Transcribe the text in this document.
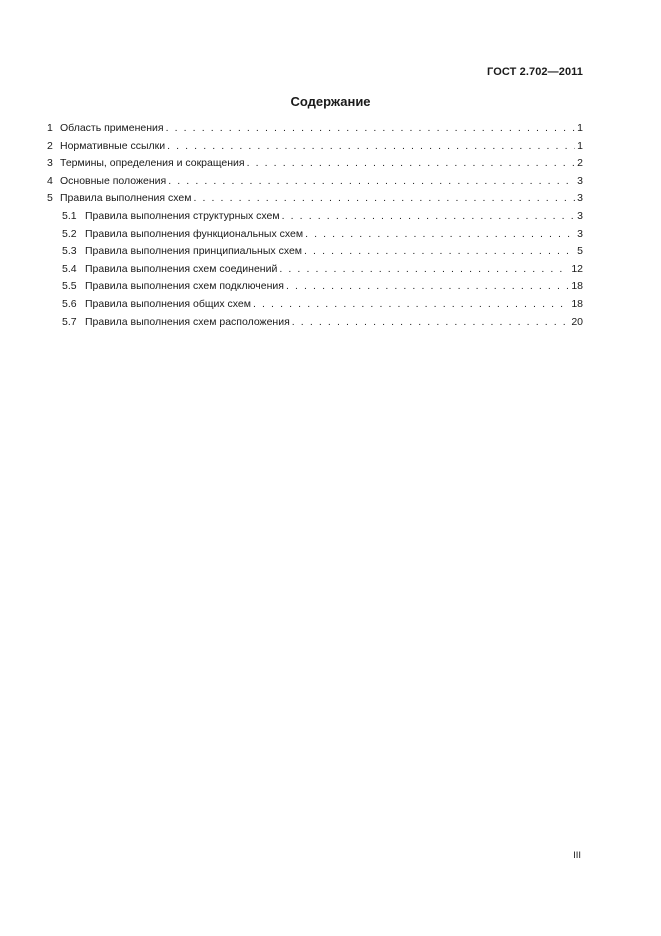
ГОСТ 2.702—2011
Содержание
1 Область применения . . .	1
2 Нормативные ссылки . . .	1
3 Термины, определения и сокращения . . .	2
4 Основные положения . . .	3
5 Правила выполнения схем . . .	3
5.1 Правила выполнения структурных схем . . .	3
5.2 Правила выполнения функциональных схем . . .	3
5.3 Правила выполнения принципиальных схем . . .	5
5.4 Правила выполнения схем соединений . . .	12
5.5 Правила выполнения схем подключения . . .	18
5.6 Правила выполнения общих схем . . .	18
5.7 Правила выполнения схем расположения . . .	20
III
